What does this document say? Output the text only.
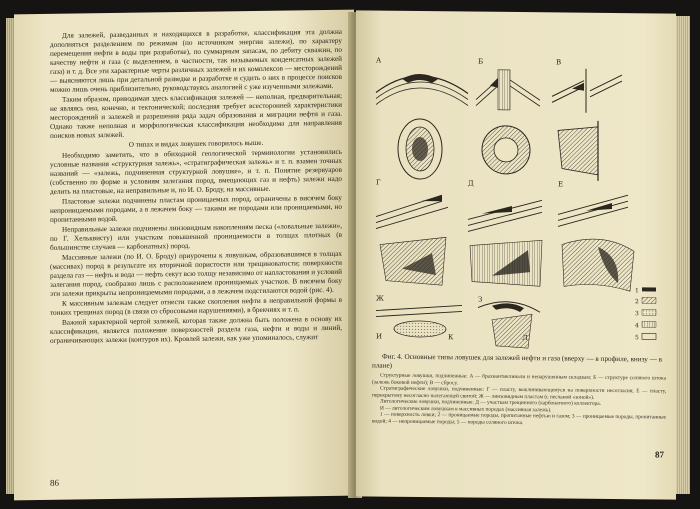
Для залежей, разведанных и находящихся в разработке, классификация эта должна дополняться разделением по режимам (по источникам энергии залежи), по характеру перемещения нефти в воды при разработке), по суммарным запасам, по дебиту скважин, по качеству нефти и газа (с выделением, в частности, так называемых конденсатных залежей газа) и т. д. Все эти характерные черты различных залежей и их комплексов — месторождений — выясняются лишь при детальной разведке и разработке и судить о них в процессе поисков можно лишь очень приблизительно, руководствуясь аналогией с уже изученными залежами.

Таким образом, приводимая здесь классификация залежей — неполная, предварительная; не являясь она, конечно, и тектонической; последняя требует всесторонней характеристики месторождений и залежей и разрешения ряда задач образования и миграции нефти и газа. Однако также неполная и морфологическая классификация необходима для направления поисков новых залежей.

О типах и видах ловушек говорилось выше.

Необходимо заметить, что в обиходной геологической терминологии установились условные названия «структурная залежь», «стратиграфическая залежь» и т. п. взамен точных названий — «залежь, подчиненная структурной ловушке», и т. п. Понятие резервуаров (собственно по форме и условиям залегания пород, вмещающих газ и нефть) залежи надо делить на пластовые, на неправильные и, по И. О. Броду, на массивные.

Пластовые залежи подчинены пластам проницаемых пород, ограничены в висячем боку непроницаемыми породами, а в лежачем боку — такими же породами или проницаемыми, но пропитанными водой.

Неправильные залежи подчинены линзовидным накоплениям песка («ловальные залежи», по Г. Хельквисту) или участкам повышенной проницаемости в толщах плотных (в большинстве случаев — карбонатных) пород.

Массивные залежи (по И. О. Броду) приурочены к ловушкам, образовавшимся в толщах (массивах) пород в результате их вторичной пористости или трещиноватости; поверхности раздела газ — нефть и вода — нефть секут всю толщу независимо от напластования и условий залегания пород, сообразно лишь с расположением пронищаемых участков. В висячем боку эти залежи прикрыты непроницаемыми породами, а в лежачем подстилаются водой (рис. 4).

К массивным залежам следует отнести также скопления нефти в неправильной формы в тонких трещинах пород (в связи со сбросовыми нарушениями), в брекчиях и т. п.

Важной характерной чертой залежей, которая также должна быть положена в основу их классификации, является положение поверхностей раздела газа, нефти и воды и линий, ограничивающих залежи (контуров их). Кровлей залежи, как уже упоминалось, служит

86
А	Б	В
Г	Д	Е
Ж	З
И	К
1
2
3
4
5

Фиг. 4. Основные типы ловушек для залежей нефти и газа (вверху — в профиле, внизу — в плане)

Структурные ловушки, подчиненные: А — брахиантиклинали и ненарушенным складкам; Б — структуре соляного штока (залежь боковой нефти); В — сбросу.

Стратиграфические ловушки, подчиненные: Г — пласту, выклинивающемуся на поверхности несогласия; Е — пласту, перекрытому несогласно налегающей свитой; Ж — линзовидным пластам (с песчаной «зоной»).

Литологические ловушки, подчиненные: Д — участкам трещинного (карбонатного) коллектора.

И — литологическим ловушкам в массивных породах (массивная залежь).

1 — поверхность ловки; 2 — проницаемые породы, пропитанные нефтью и газом; 3 — проницаемые породы, пропитанные водой; 4 — непроницаемые породы; 5 — породы соляного штока.

87
